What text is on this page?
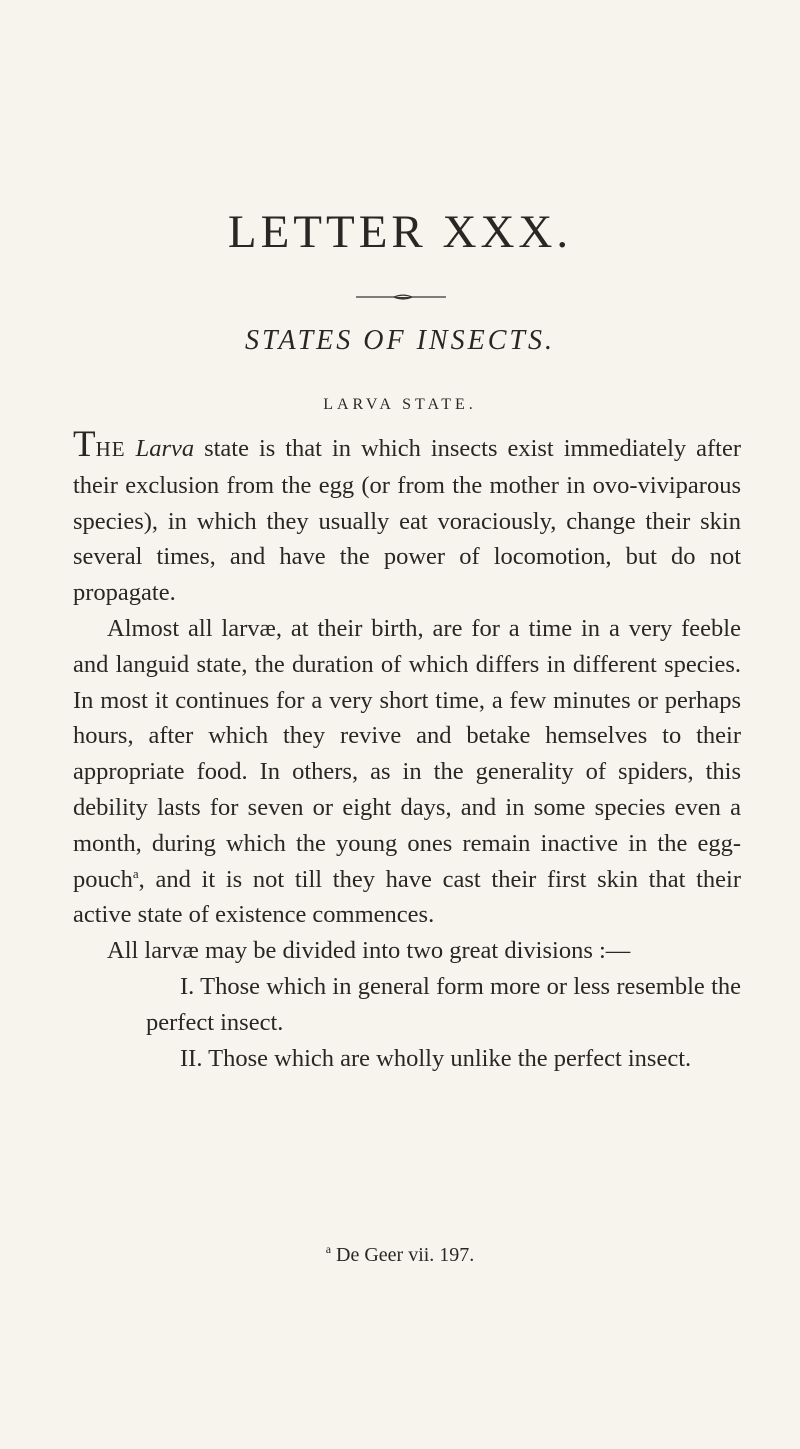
LETTER XXX.
STATES OF INSECTS.
LARVA STATE.

THE Larva state is that in which insects exist immediately after their exclusion from the egg (or from the mother in ovo-viviparous species), in which they usually eat voraciously, change their skin several times, and have the power of locomotion, but do not propagate.

Almost all larvæ, at their birth, are for a time in a very feeble and languid state, the duration of which differs in different species. In most it continues for a very short time, a few minutes or perhaps hours, after which they revive and betake hemselves to their appropriate food. In others, as in the generality of spiders, this debility lasts for seven or eight days, and in some species even a month, during which the young ones remain inactive in the egg-pouch$^a$, and it is not till they have cast their first skin that their active state of existence commences.

All larvæ may be divided into two great divisions :—

I. Those which in general form more or less resemble the perfect insect.

II. Those which are wholly unlike the perfect insect.

$^a$ De Geer vii. 197.
